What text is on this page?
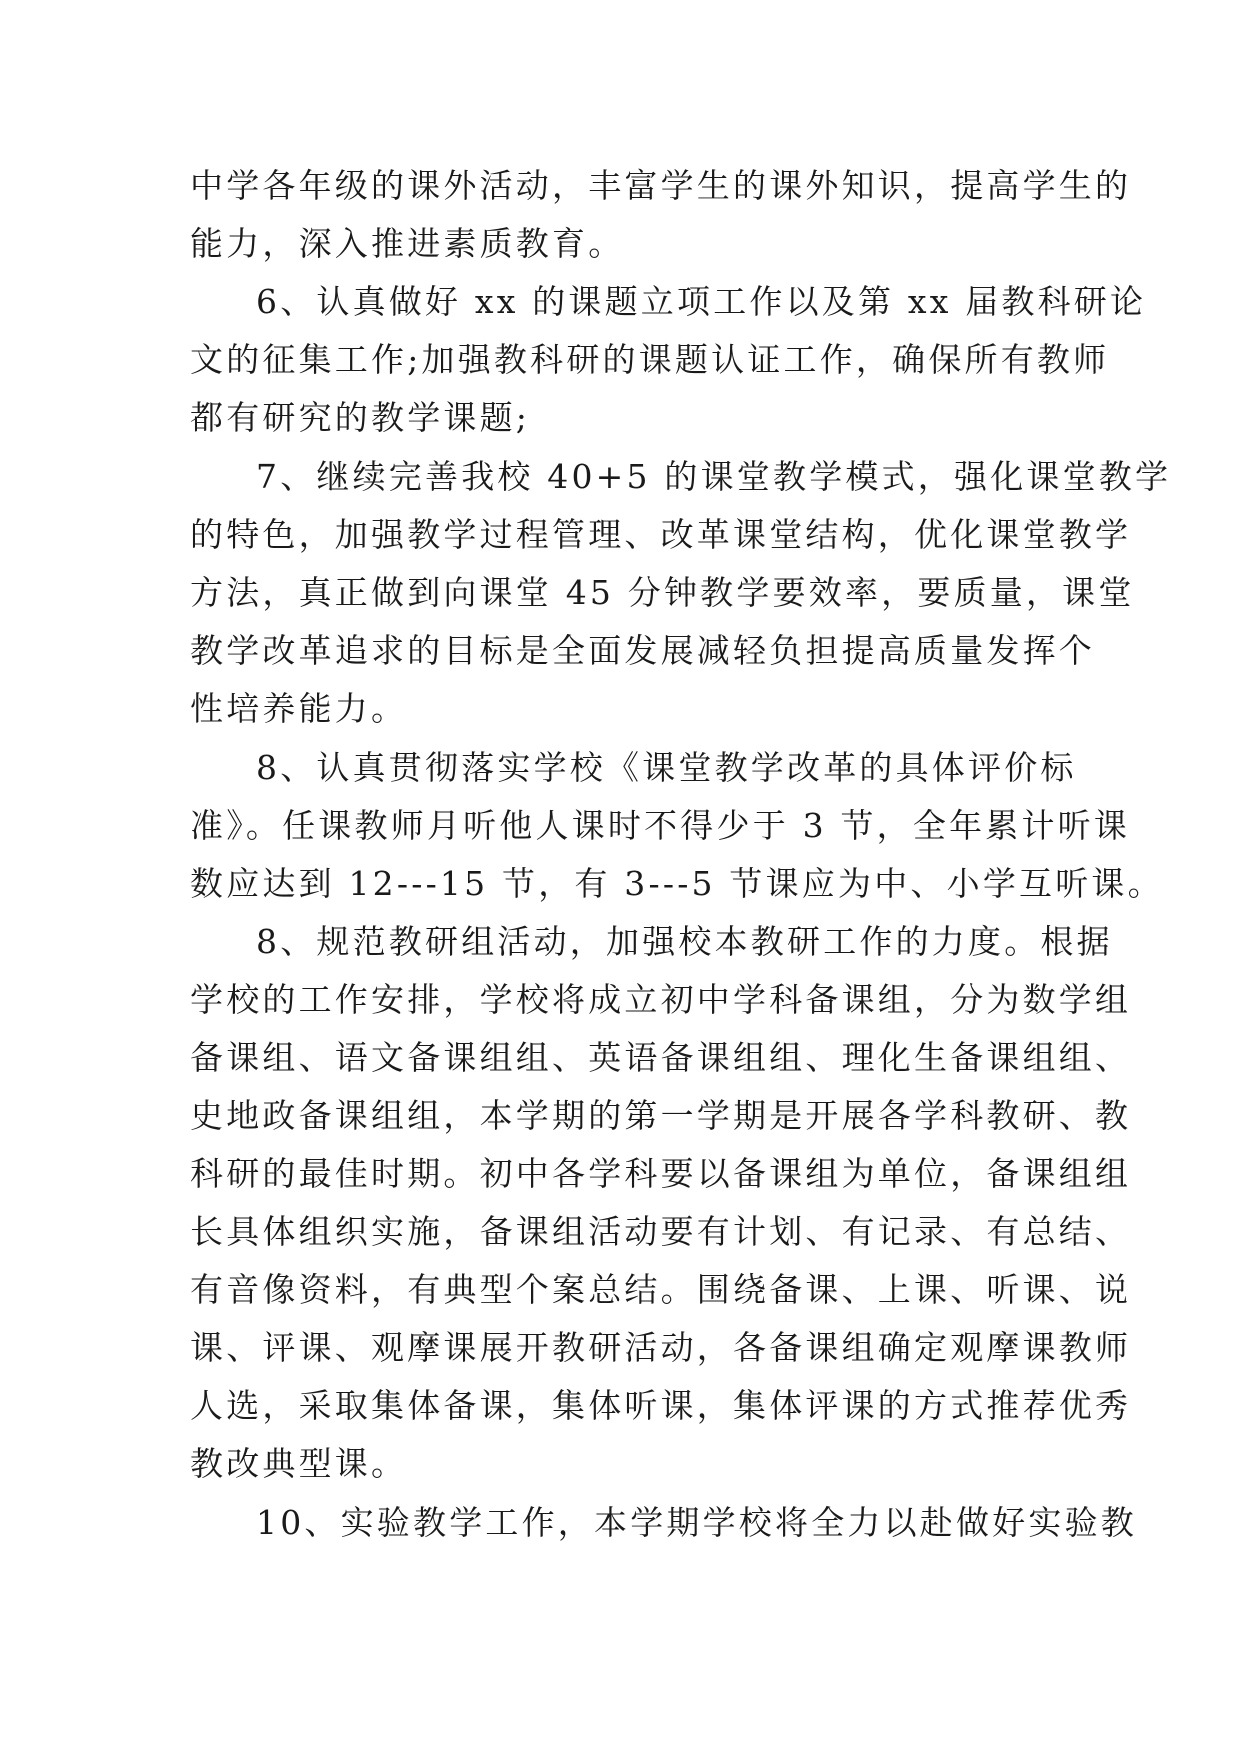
中学各年级的课外活动，丰富学生的课外知识，提高学生的
能力，深入推进素质教育。
6、认真做好 xx 的课题立项工作以及第 xx 届教科研论
文的征集工作;加强教科研的课题认证工作，确保所有教师
都有研究的教学课题;
7、继续完善我校 40+5 的课堂教学模式，强化课堂教学
的特色，加强教学过程管理、改革课堂结构，优化课堂教学
方法，真正做到向课堂 45 分钟教学要效率，要质量，课堂
教学改革追求的目标是全面发展减轻负担提高质量发挥个
性培养能力。
8、认真贯彻落实学校《课堂教学改革的具体评价标
准》。任课教师月听他人课时不得少于 3 节，全年累计听课
数应达到 12---15 节，有 3---5 节课应为中、小学互听课。
8、规范教研组活动，加强校本教研工作的力度。根据
学校的工作安排，学校将成立初中学科备课组，分为数学组
备课组、语文备课组组、英语备课组组、理化生备课组组、
史地政备课组组，本学期的第一学期是开展各学科教研、教
科研的最佳时期。初中各学科要以备课组为单位，备课组组
长具体组织实施，备课组活动要有计划、有记录、有总结、
有音像资料，有典型个案总结。围绕备课、上课、听课、说
课、评课、观摩课展开教研活动，各备课组确定观摩课教师
人选，采取集体备课，集体听课，集体评课的方式推荐优秀
教改典型课。
10、实验教学工作，本学期学校将全力以赴做好实验教
